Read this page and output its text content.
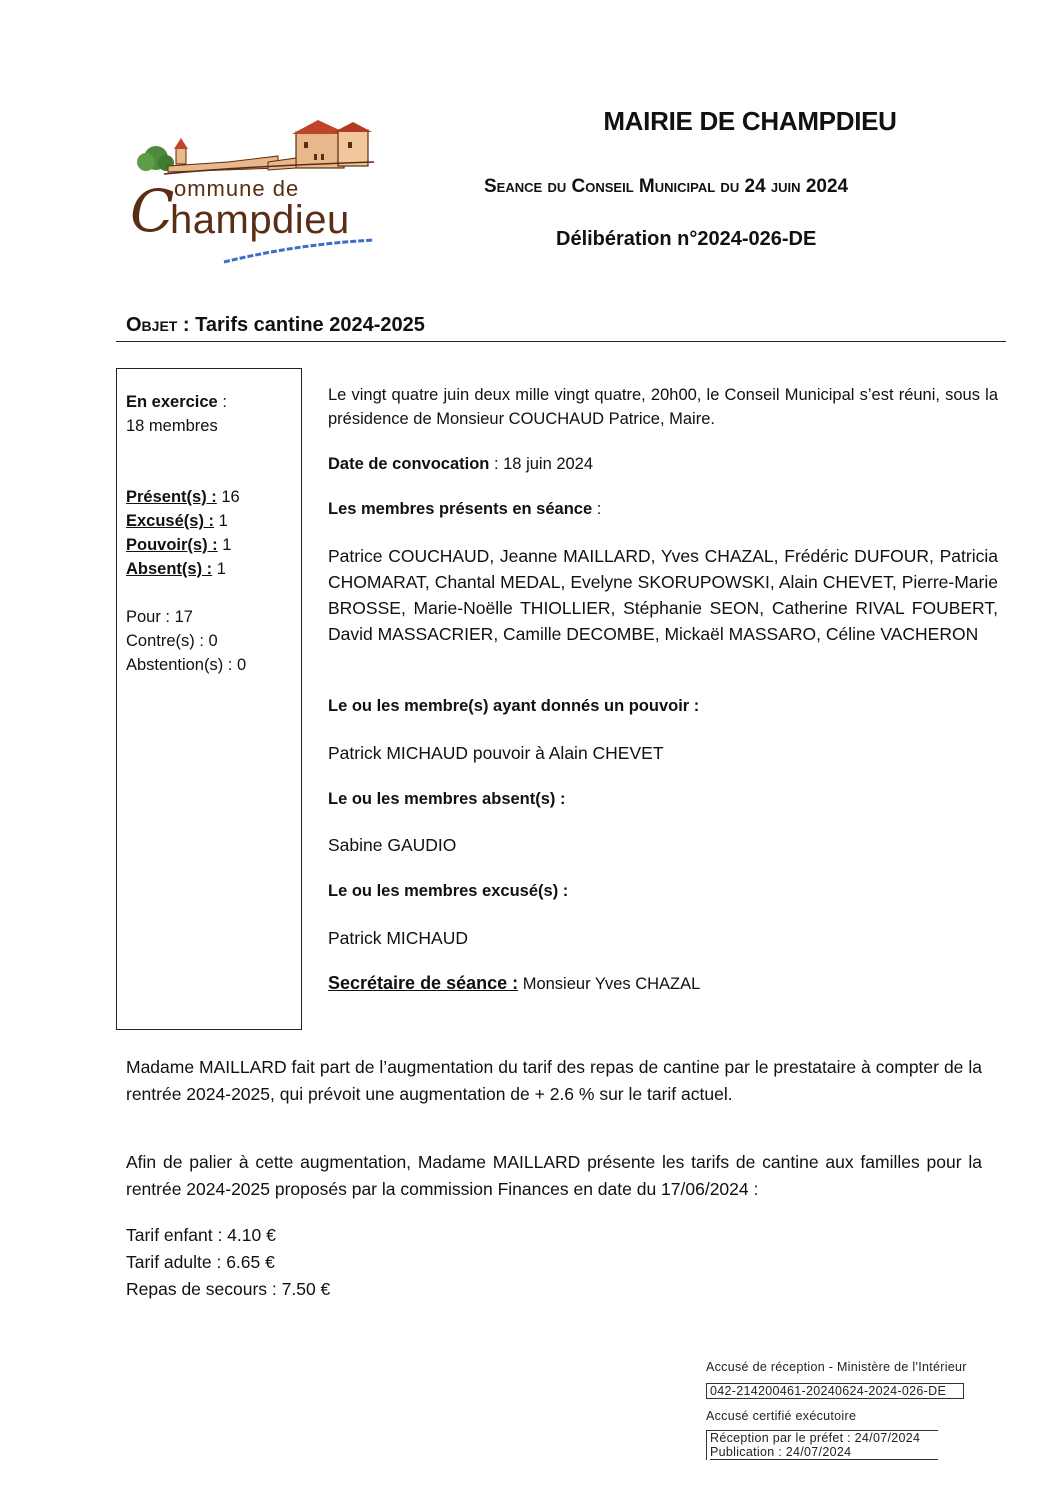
C ommune de
hampdieu
MAIRIE DE CHAMPDIEU
Seance du Conseil Municipal du 24 juin 2024
Délibération n°2024-026-DE
Objet : Tarifs cantine 2024-2025
En exercice :
18 membres
Présent(s) : 16
Excusé(s) : 1
Pouvoir(s) : 1
Absent(s) : 1
Pour : 17
Contre(s) : 0
Abstention(s) : 0
Le vingt quatre juin deux mille vingt quatre, 20h00, le Conseil Municipal s’est réuni, sous la présidence de Monsieur COUCHAUD Patrice, Maire.
Date de convocation : 18 juin 2024
Les membres présents en séance :
Patrice COUCHAUD, Jeanne MAILLARD, Yves CHAZAL, Frédéric DUFOUR, Patricia CHOMARAT, Chantal MEDAL, Evelyne SKORUPOWSKI, Alain CHEVET, Pierre-Marie BROSSE, Marie-Noëlle THIOLLIER, Stéphanie SEON, Catherine RIVAL FOUBERT, David MASSACRIER, Camille DECOMBE, Mickaël MASSARO, Céline VACHERON
Le ou les membre(s) ayant donnés un pouvoir :
Patrick MICHAUD pouvoir à Alain CHEVET
Le ou les membres absent(s) :
Sabine GAUDIO
Le ou les membres excusé(s) :
Patrick MICHAUD
Secrétaire de séance : Monsieur Yves CHAZAL
Madame MAILLARD fait part de l’augmentation du tarif des repas de cantine par le prestataire à compter de la rentrée 2024-2025, qui prévoit une augmentation de + 2.6 % sur le tarif actuel.
Afin de palier à cette augmentation, Madame MAILLARD présente les tarifs de cantine aux familles pour la rentrée 2024-2025 proposés par la commission Finances en date du 17/06/2024 :
Tarif enfant : 4.10 €
Tarif adulte : 6.65 €
Repas de secours : 7.50 €
Accusé de réception - Ministère de l'Intérieur
042-214200461-20240624-2024-026-DE
Accusé certifié exécutoire
Réception par le préfet : 24/07/2024
Publication : 24/07/2024
